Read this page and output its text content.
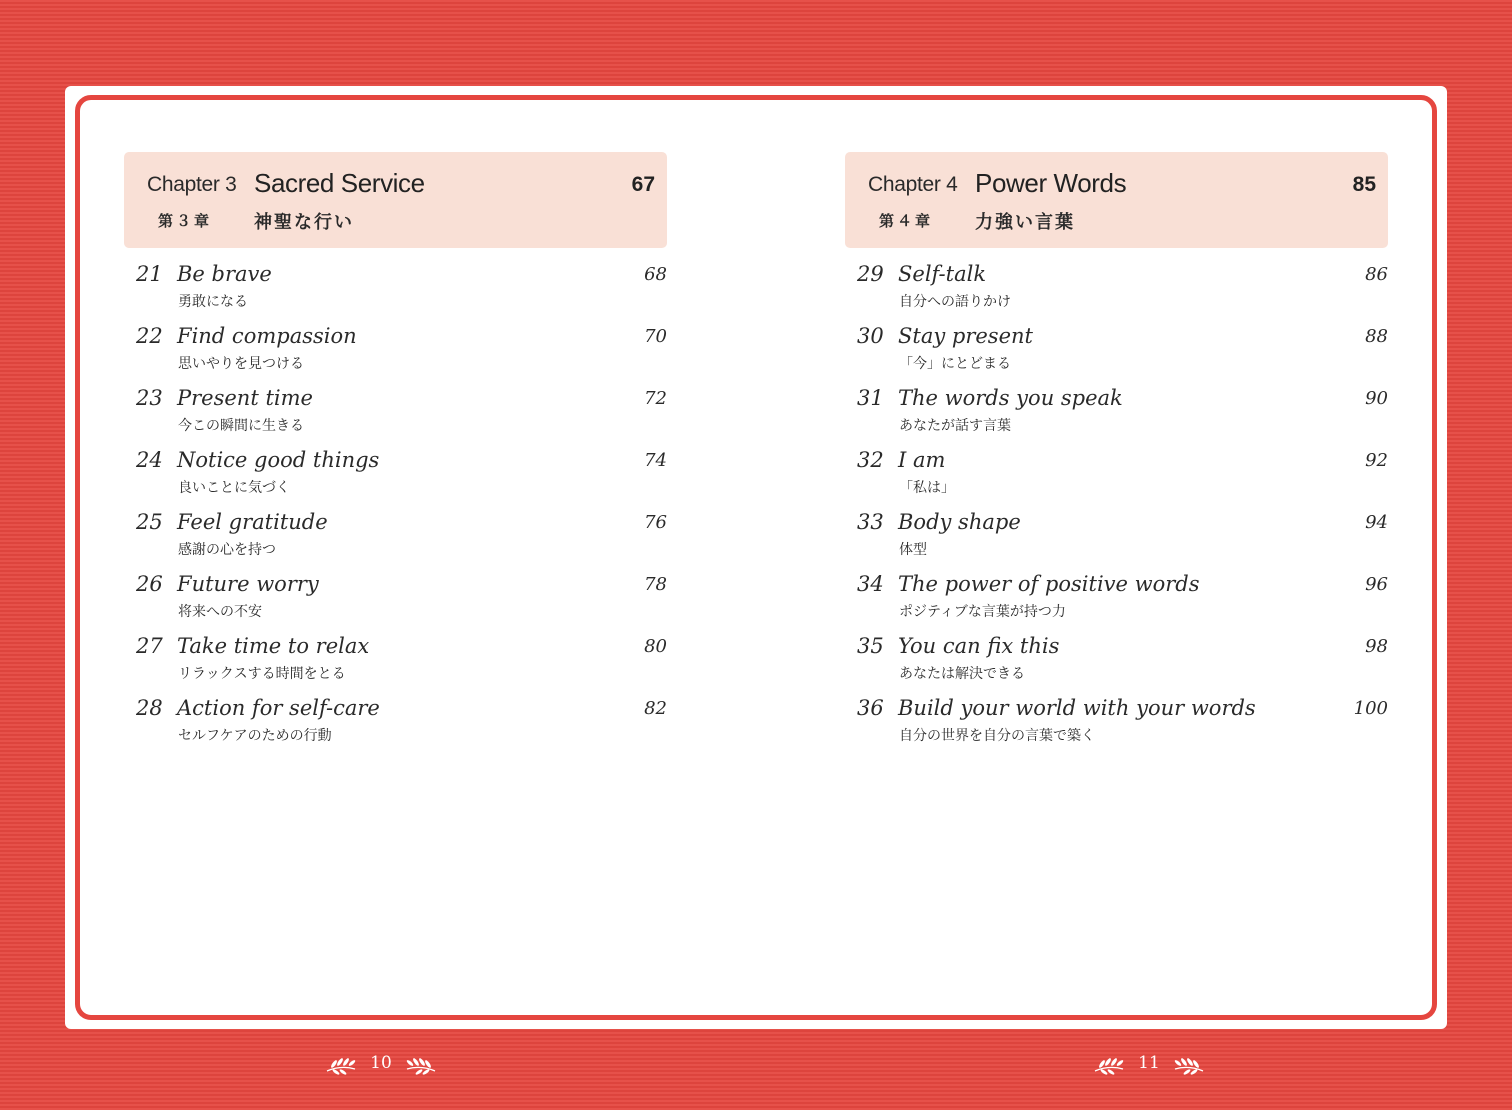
Chapter 3 Sacred Service	67
第３章 神聖な行い
21 Be brave	68
勇敢になる
22 Find compassion	70
思いやりを見つける
23 Present time	72
今この瞬間に生きる
24 Notice good things	74
良いことに気づく
25 Feel gratitude	76
感謝の心を持つ
26 Future worry	78
将来への不安
27 Take time to relax	80
リラックスする時間をとる
28 Action for self-care	82
セルフケアのための行動
Chapter 4 Power Words	85
第４章 力強い言葉
29 Self-talk	86
自分への語りかけ
30 Stay present	88
「今」にとどまる
31 The words you speak	90
あなたが話す言葉
32 I am	92
「私は」
33 Body shape	94
体型
34 The power of positive words	96
ポジティブな言葉が持つ力
35 You can fix this	98
あなたは解決できる
36 Build your world with your words	100
自分の世界を自分の言葉で築く
10	11
